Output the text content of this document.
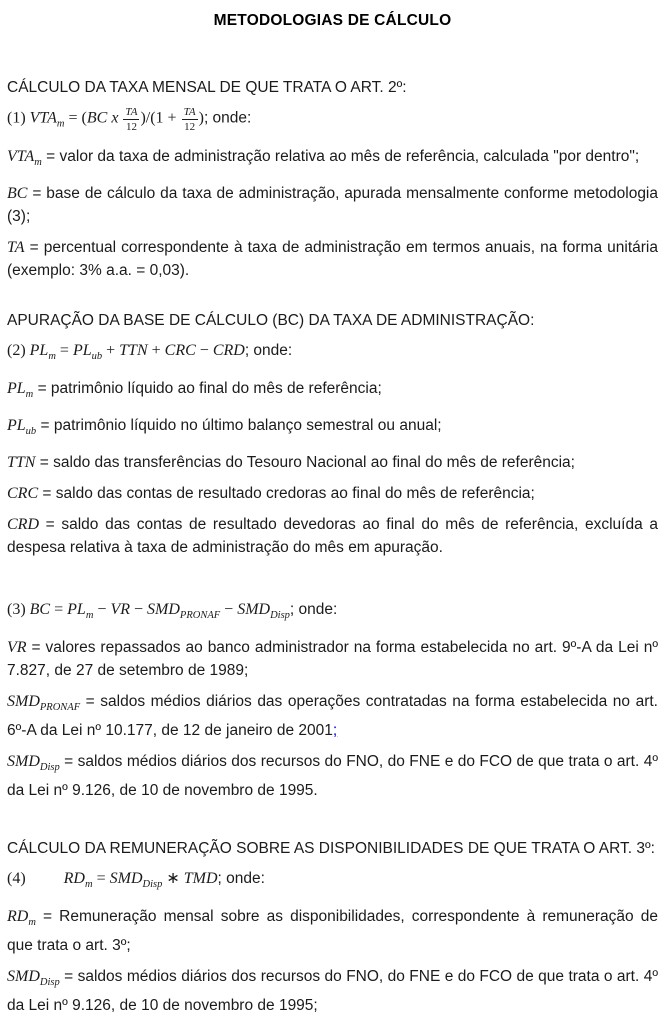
METODOLOGIAS DE CÁLCULO

CÁLCULO DA TAXA MENSAL DE QUE TRATA O ART. 2º:

(1) $VTA_m = (BC$ x $\frac{TA}{12} )/(1 + \frac{TA}{12}$ ); onde:

$VTA_m$ = valor da taxa de administração relativa ao mês de referência, calculada "por dentro";

BC = base de cálculo da taxa de administração, apurada mensalmente conforme metodologia (3);

TA = percentual correspondente à taxa de administração em termos anuais, na forma unitária (exemplo: 3% a.a. = 0,03).

APURAÇÃO DA BASE DE CÁLCULO (BC) DA TAXA DE ADMINISTRAÇÃO:

(2) $PL_m = PL_{ub}$ + TTN + CRC − CRD; onde:

$PL_m$ = patrimônio líquido ao final do mês de referência;

$PL_{ub}$ = patrimônio líquido no último balanço semestral ou anual;

TTN = saldo das transferências do Tesouro Nacional ao final do mês de referência;

CRC = saldo das contas de resultado credoras ao final do mês de referência;

CRD = saldo das contas de resultado devedoras ao final do mês de referência, excluída a despesa relativa à taxa de administração do mês em apuração.

(3) BC = $PL_m$ − VR − $SMD_{PRONAF} - SMD_{Disp}$; onde:

VR = valores repassados ao banco administrador na forma estabelecida no art. 9º-A da Lei nº 7.827, de 27 de setembro de 1989;

$SMD_{PRONAF}$ = saldos médios diários das operações contratadas na forma estabelecida no art. 6º-A da Lei nº 10.177, de 12 de janeiro de 2001;

$SMD_{Disp}$ = saldos médios diários dos recursos do FNO, do FNE e do FCO de que trata o art. 4º da Lei nº 9.126, de 10 de novembro de 1995.

CÁLCULO DA REMUNERAÇÃO SOBRE AS DISPONIBILIDADES DE QUE TRATA O ART. 3º:

(4) $RD_m = SMD_{Disp}$ ∗ TMD; onde:

$RD_m$ = Remuneração mensal sobre as disponibilidades, correspondente à remuneração de que trata o art. 3º;

$SMD_{Disp}$ = saldos médios diários dos recursos do FNO, do FNE e do FCO de que trata o art. 4º da Lei nº 9.126, de 10 de novembro de 1995;
